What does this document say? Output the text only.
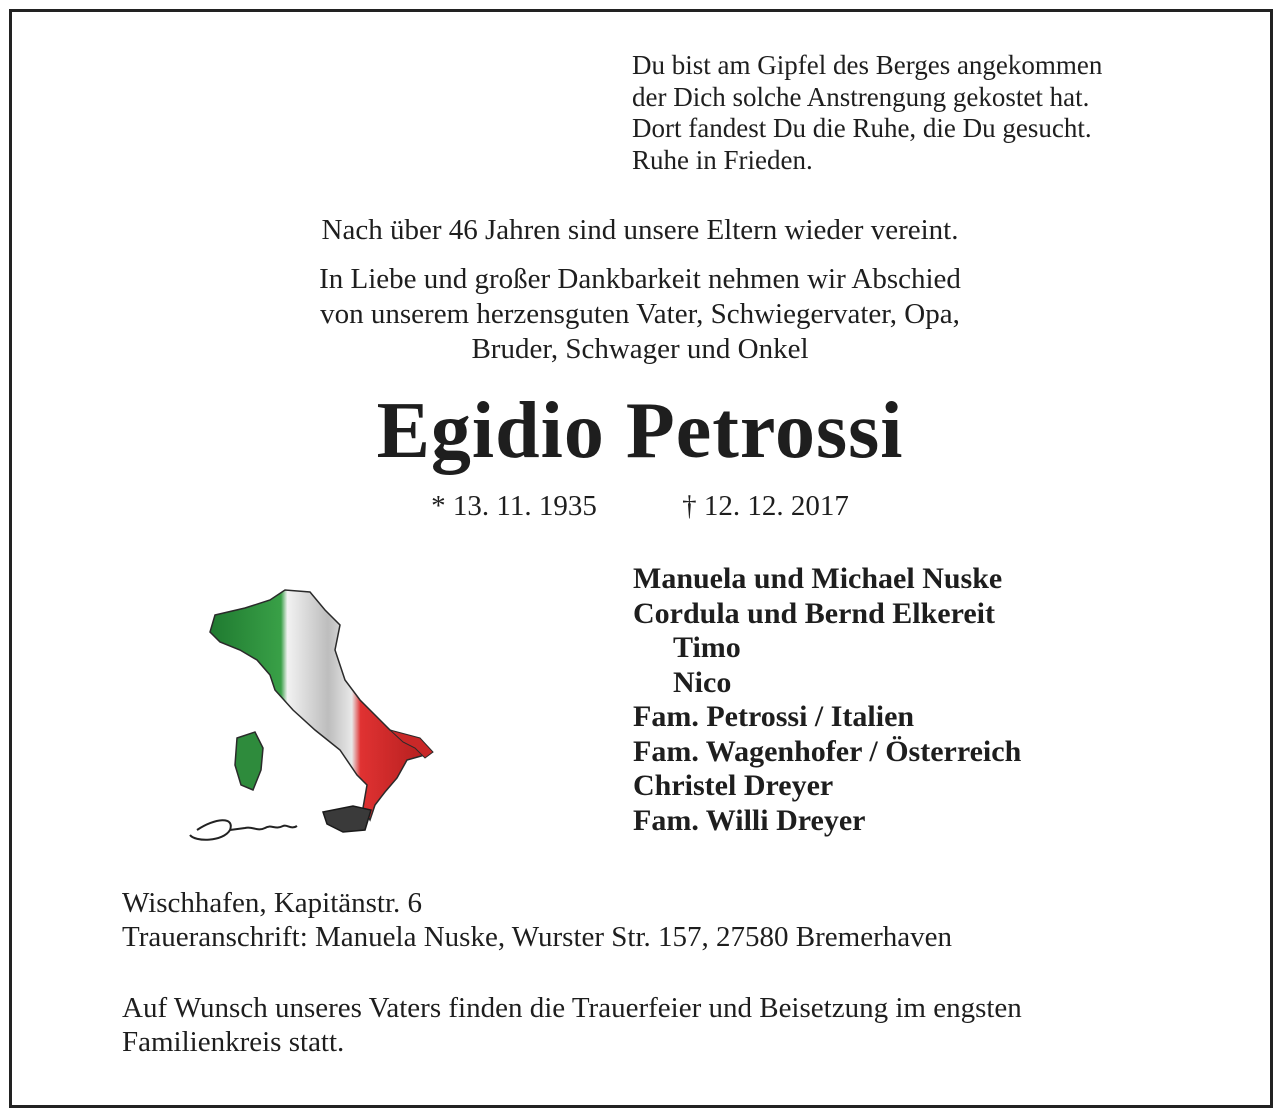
Du bist am Gipfel des Berges angekommen
der Dich solche Anstrengung gekostet hat.
Dort fandest Du die Ruhe, die Du gesucht.
Ruhe in Frieden.
Nach über 46 Jahren sind unsere Eltern wieder vereint.
In Liebe und großer Dankbarkeit nehmen wir Abschied
von unserem herzensguten Vater, Schwiegervater, Opa,
Bruder, Schwager und Onkel
Egidio Petrossi
* 13. 11. 1935	† 12. 12. 2017
Manuela und Michael Nuske
Cordula und Bernd Elkereit
Timo
Nico
Fam. Petrossi / Italien
Fam. Wagenhofer / Österreich
Christel Dreyer
Fam. Willi Dreyer
Wischhafen, Kapitänstr. 6
Traueranschrift: Manuela Nuske, Wurster Str. 157, 27580 Bremerhaven
Auf Wunsch unseres Vaters finden die Trauerfeier und Beisetzung im engsten Familienkreis statt.
